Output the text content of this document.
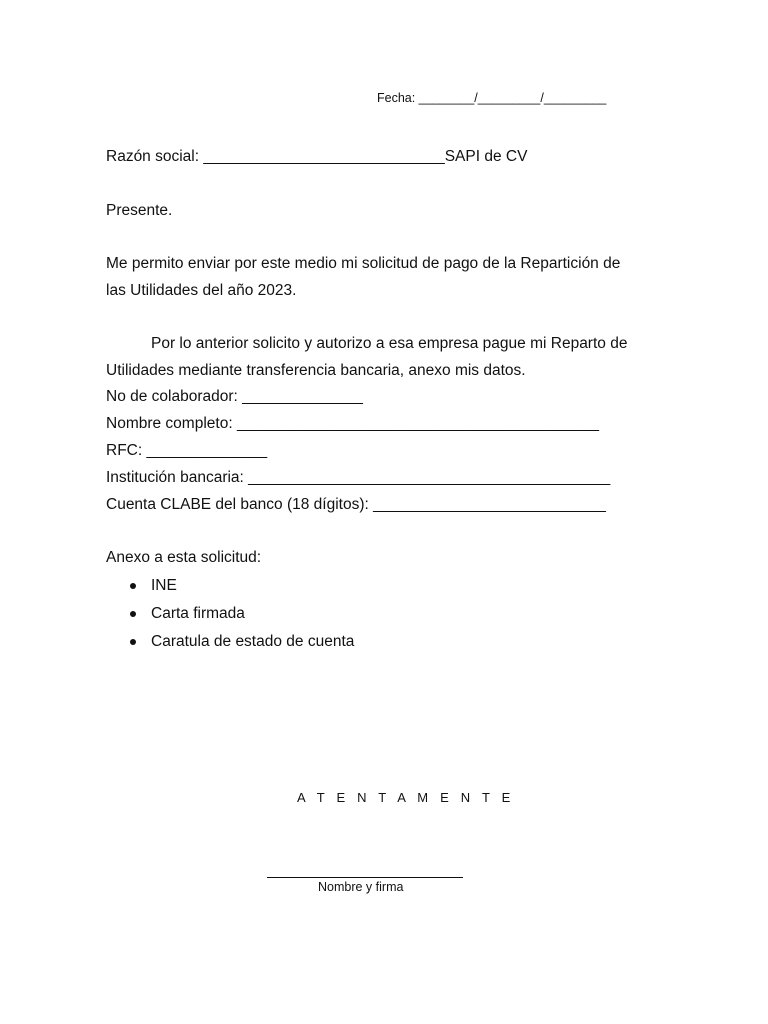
Fecha: ________/_________/_________
Razón social: ____________________________SAPI de CV
Presente.
Me permito enviar por este medio mi solicitud de pago de la Repartición de
las Utilidades del año 2023.
Por lo anterior solicito y autorizo a esa empresa pague mi Reparto de
Utilidades mediante transferencia bancaria, anexo mis datos.
No de colaborador: ______________
Nombre completo: __________________________________________
RFC: ______________
Institución bancaria: __________________________________________
Cuenta CLABE del banco (18 dígitos): ___________________________
Anexo a esta solicitud:

INE

Carta firmada

Caratula de estado de cuenta

A T E N T A M E N T E
Nombre y firma
